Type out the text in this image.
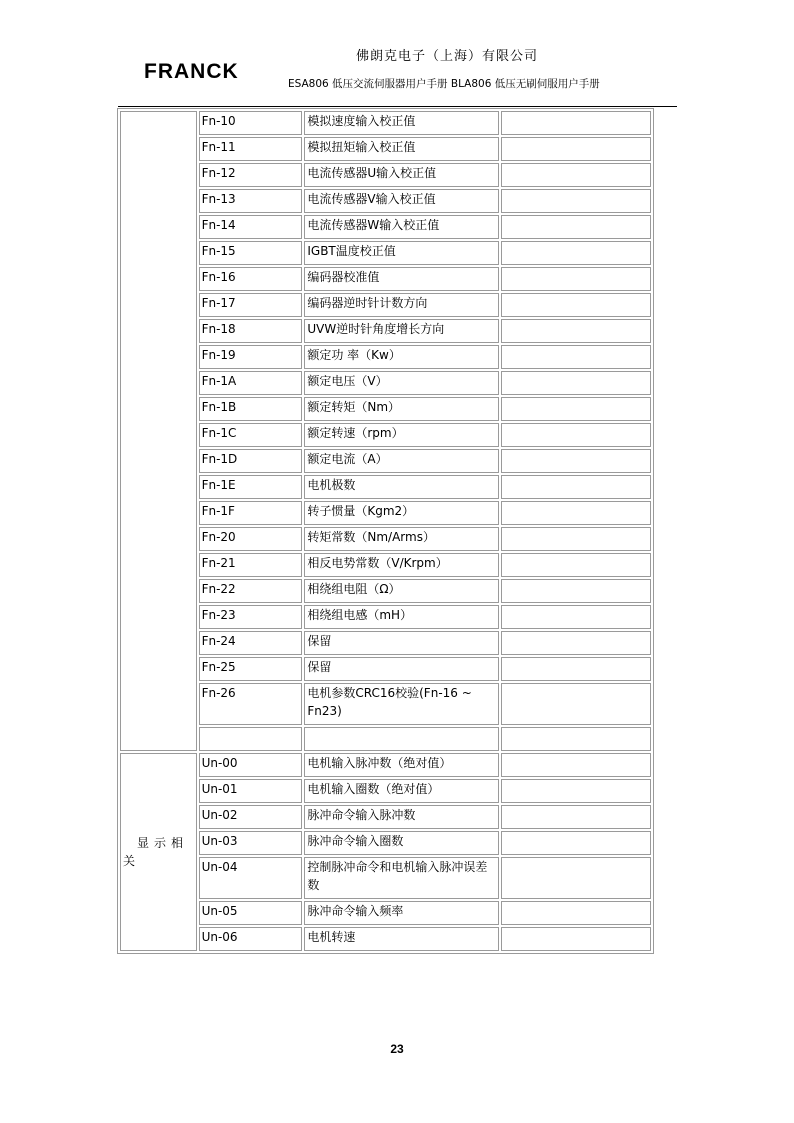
FRANCK
佛朗克电子（上海）有限公司
ESA806 低压交流伺服器用户手册 BLA806 低压无刷伺服用户手册
	Fn-10	模拟速度输入校正值	
	Fn-11	模拟扭矩输入校正值	
	Fn-12	电流传感器U输入校正值	
	Fn-13	电流传感器V输入校正值	
	Fn-14	电流传感器W输入校正值	
	Fn-15	IGBT温度校正值	
	Fn-16	编码器校准值	
	Fn-17	编码器逆时针计数方向	
	Fn-18	UVW逆时针角度增长方向	
	Fn-19	额定功 率（Kw）	
	Fn-1A	额定电压（V）	
	Fn-1B	额定转矩（Nm）	
	Fn-1C	额定转速（rpm）	
	Fn-1D	额定电流（A）	
	Fn-1E	电机极数	
	Fn-1F	转子惯量（Kgm2）	
	Fn-20	转矩常数（Nm/Arms）	
	Fn-21	相反电势常数（V/Krpm）	
	Fn-22	相绕组电阻（Ω）	
	Fn-23	相绕组电感（mH）	
	Fn-24	保留	
	Fn-25	保留	
	Fn-26	电机参数CRC16校验(Fn-16 ~ Fn23)	

显示相关	Un-00	电机输入脉冲数（绝对值）	
	Un-01	电机输入圈数（绝对值）	
	Un-02	脉冲命令输入脉冲数	
	Un-03	脉冲命令输入圈数	
	Un-04	控制脉冲命令和电机输入脉冲误差数	
	Un-05	脉冲命令输入频率	
	Un-06	电机转速	
23
